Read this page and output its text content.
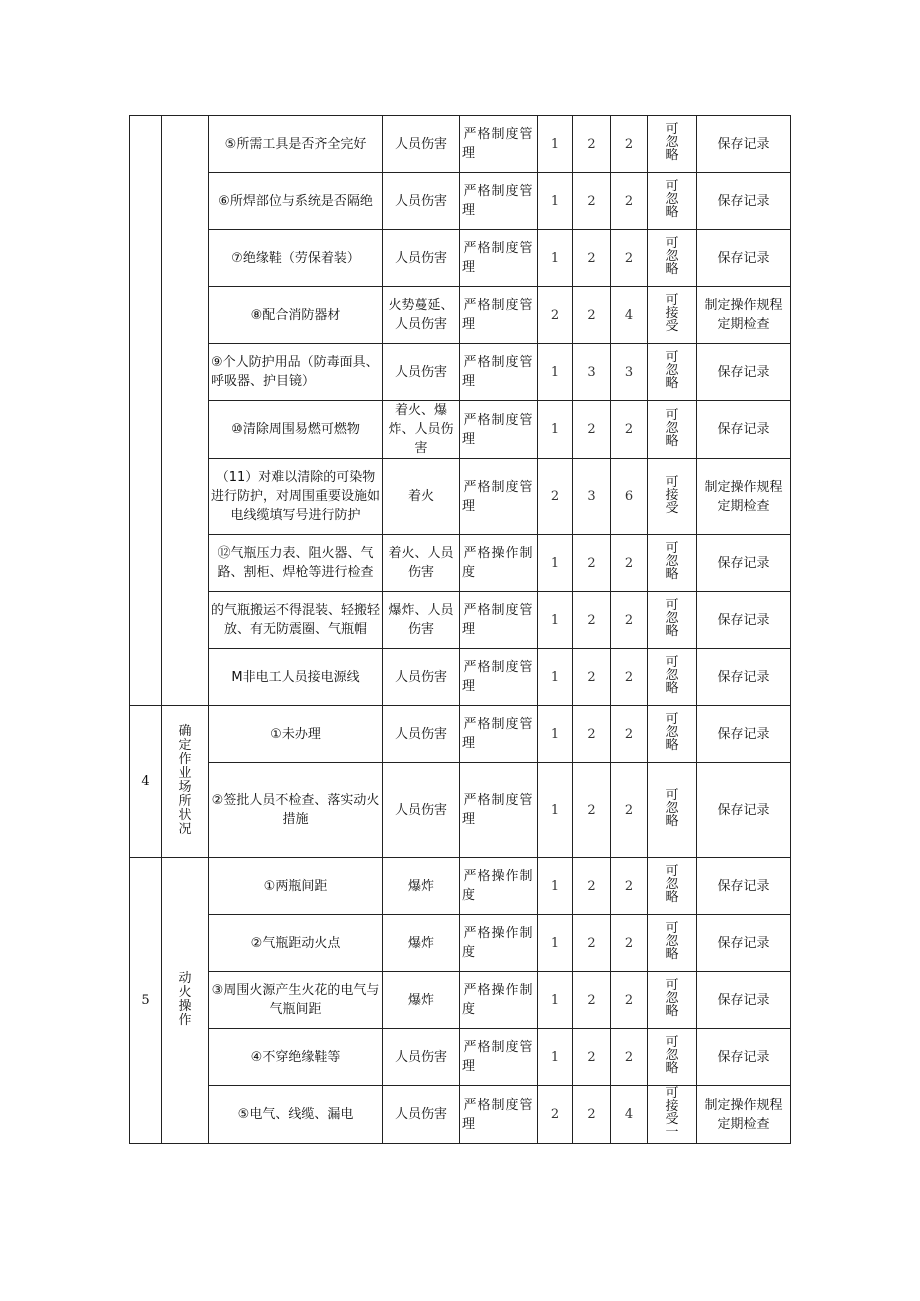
		⑤所需工具是否齐全完好	人员伤害	严格制度管理	1	2	2	可忽略	保存记录
		⑥所焊部位与系统是否隔绝	人员伤害	严格制度管理	1	2	2	可忽略	保存记录
		⑦绝缘鞋（劳保着装）	人员伤害	严格制度管理	1	2	2	可忽略	保存记录
		⑧配合消防器材	火势蔓延、人员伤害	严格制度管理	2	2	4	可接受	制定操作规程定期检查
		⑨个人防护用品（防毒面具、呼吸器、护目镜）	人员伤害	严格制度管理	1	3	3	可忽略	保存记录
		⑩清除周围易燃可燃物	着火、爆炸、人员伤害	严格制度管理	1	2	2	可忽略	保存记录
		（11）对难以清除的可染物进行防护，对周围重要设施如电线缆填写号进行防护	着火	严格制度管理	2	3	6	可接受	制定操作规程定期检查
		⑫气瓶压力表、阻火器、气路、割柜、焊枪等进行检查	着火、人员伤害	严格操作制度	1	2	2	可忽略	保存记录
		的气瓶搬运不得混装、轻搬轻放、有无防震圈、气瓶帽	爆炸、人员伤害	严格制度管理	1	2	2	可忽略	保存记录
		M非电工人员接电源线	人员伤害	严格制度管理	1	2	2	可忽略	保存记录
4	确定作业场所状况	①未办理	人员伤害	严格制度管理	1	2	2	可忽略	保存记录
		②签批人员不检查、落实动火措施	人员伤害	严格制度管理	1	2	2	可忽略	保存记录
5	动火操作	①两瓶间距	爆炸	严格操作制度	1	2	2	可忽略	保存记录
		②气瓶距动火点	爆炸	严格操作制度	1	2	2	可忽略	保存记录
		③周围火源产生火花的电气与气瓶间距	爆炸	严格操作制度	1	2	2	可忽略	保存记录
		④不穿绝缘鞋等	人员伤害	严格制度管理	1	2	2	可忽略	保存记录
		⑤电气、线缆、漏电	人员伤害	严格制度管理	2	2	4	可接受一	制定操作规程定期检查
